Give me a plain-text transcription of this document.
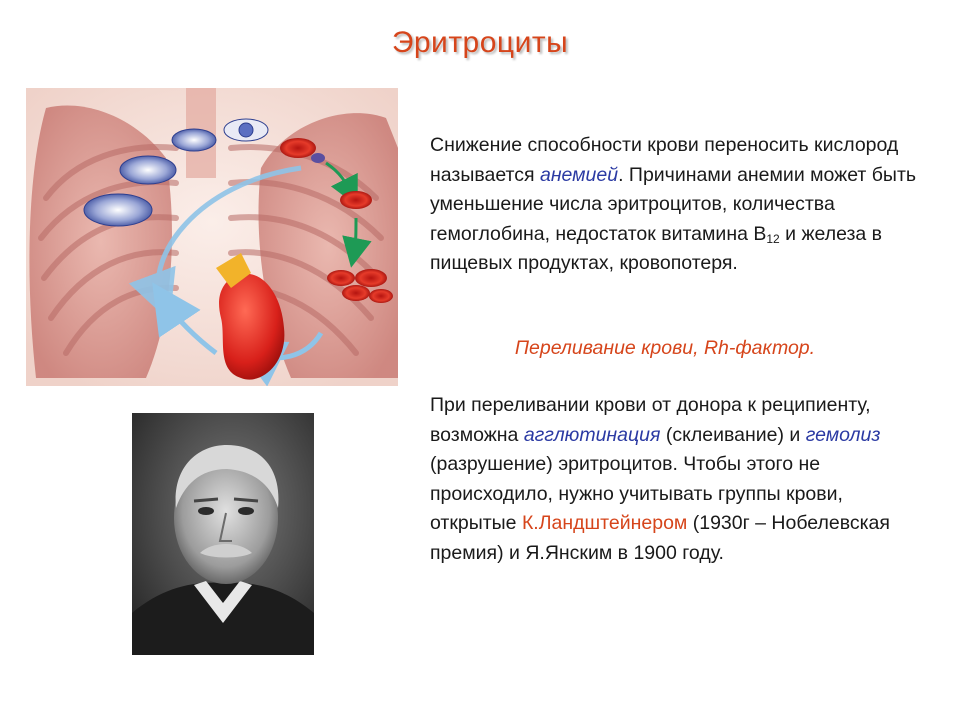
Эритроциты
Снижение способности крови переносить кислород называется анемией. Причинами анемии может быть уменьшение числа эритроцитов, количества гемоглобина, недостаток витамина $В_{12}$ и железа в пищевых продуктах, кровопотеря.
Переливание крови, Rh-фактор.
При переливании крови от донора к реципиенту, возможна агглютинация (склеивание) и гемолиз (разрушение) эритроцитов. Чтобы этого не происходило, нужно учитывать группы крови, открытые К.Ландштейнером (1930г – Нобелевская премия) и Я.Янским в 1900 году.
